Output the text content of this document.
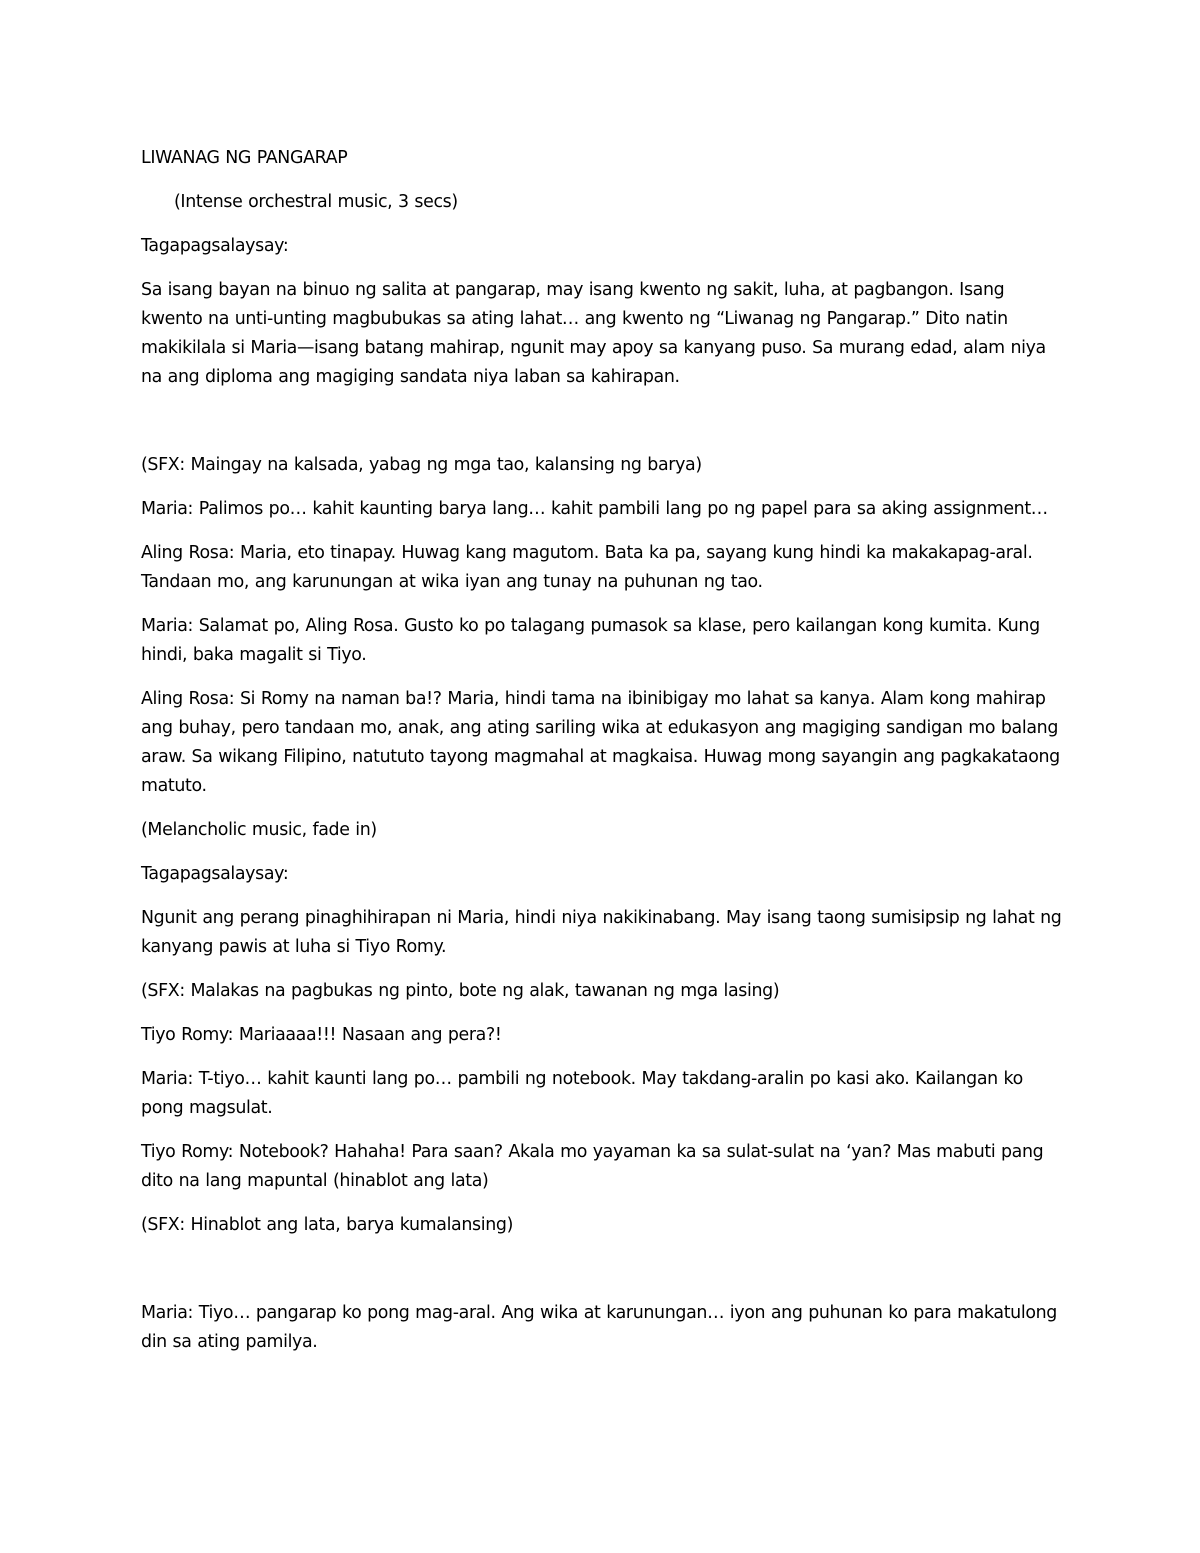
LIWANAG NG PANGARAP

(Intense orchestral music, 3 secs)

Tagapagsalaysay:

Sa isang bayan na binuo ng salita at pangarap, may isang kwento ng sakit, luha, at pagbangon. Isang kwento na unti-unting magbubukas sa ating lahat… ang kwento ng “Liwanag ng Pangarap.” Dito natin makikilala si Maria—isang batang mahirap, ngunit may apoy sa kanyang puso. Sa murang edad, alam niya na ang diploma ang magiging sandata niya laban sa kahirapan.

(SFX: Maingay na kalsada, yabag ng mga tao, kalansing ng barya)

Maria: Palimos po… kahit kaunting barya lang… kahit pambili lang po ng papel para sa aking assignment…

Aling Rosa: Maria, eto tinapay. Huwag kang magutom. Bata ka pa, sayang kung hindi ka makakapag-aral. Tandaan mo, ang karunungan at wika iyan ang tunay na puhunan ng tao.

Maria: Salamat po, Aling Rosa. Gusto ko po talagang pumasok sa klase, pero kailangan kong kumita. Kung hindi, baka magalit si Tiyo.

Aling Rosa: Si Romy na naman ba!? Maria, hindi tama na ibinibigay mo lahat sa kanya. Alam kong mahirap ang buhay, pero tandaan mo, anak, ang ating sariling wika at edukasyon ang magiging sandigan mo balang araw. Sa wikang Filipino, natututo tayong magmahal at magkaisa. Huwag mong sayangin ang pagkakataong matuto.

(Melancholic music, fade in)

Tagapagsalaysay:

Ngunit ang perang pinaghihirapan ni Maria, hindi niya nakikinabang. May isang taong sumisipsip ng lahat ng kanyang pawis at luha si Tiyo Romy.

(SFX: Malakas na pagbukas ng pinto, bote ng alak, tawanan ng mga lasing)

Tiyo Romy: Mariaaaa!!! Nasaan ang pera?!

Maria: T-tiyo… kahit kaunti lang po… pambili ng notebook. May takdang-aralin po kasi ako. Kailangan ko pong magsulat.

Tiyo Romy: Notebook? Hahaha! Para saan? Akala mo yayaman ka sa sulat-sulat na ‘yan? Mas mabuti pang dito na lang mapuntal (hinablot ang lata)

(SFX: Hinablot ang lata, barya kumalansing)

Maria: Tiyo… pangarap ko pong mag-aral. Ang wika at karunungan… iyon ang puhunan ko para makatulong din sa ating pamilya.
